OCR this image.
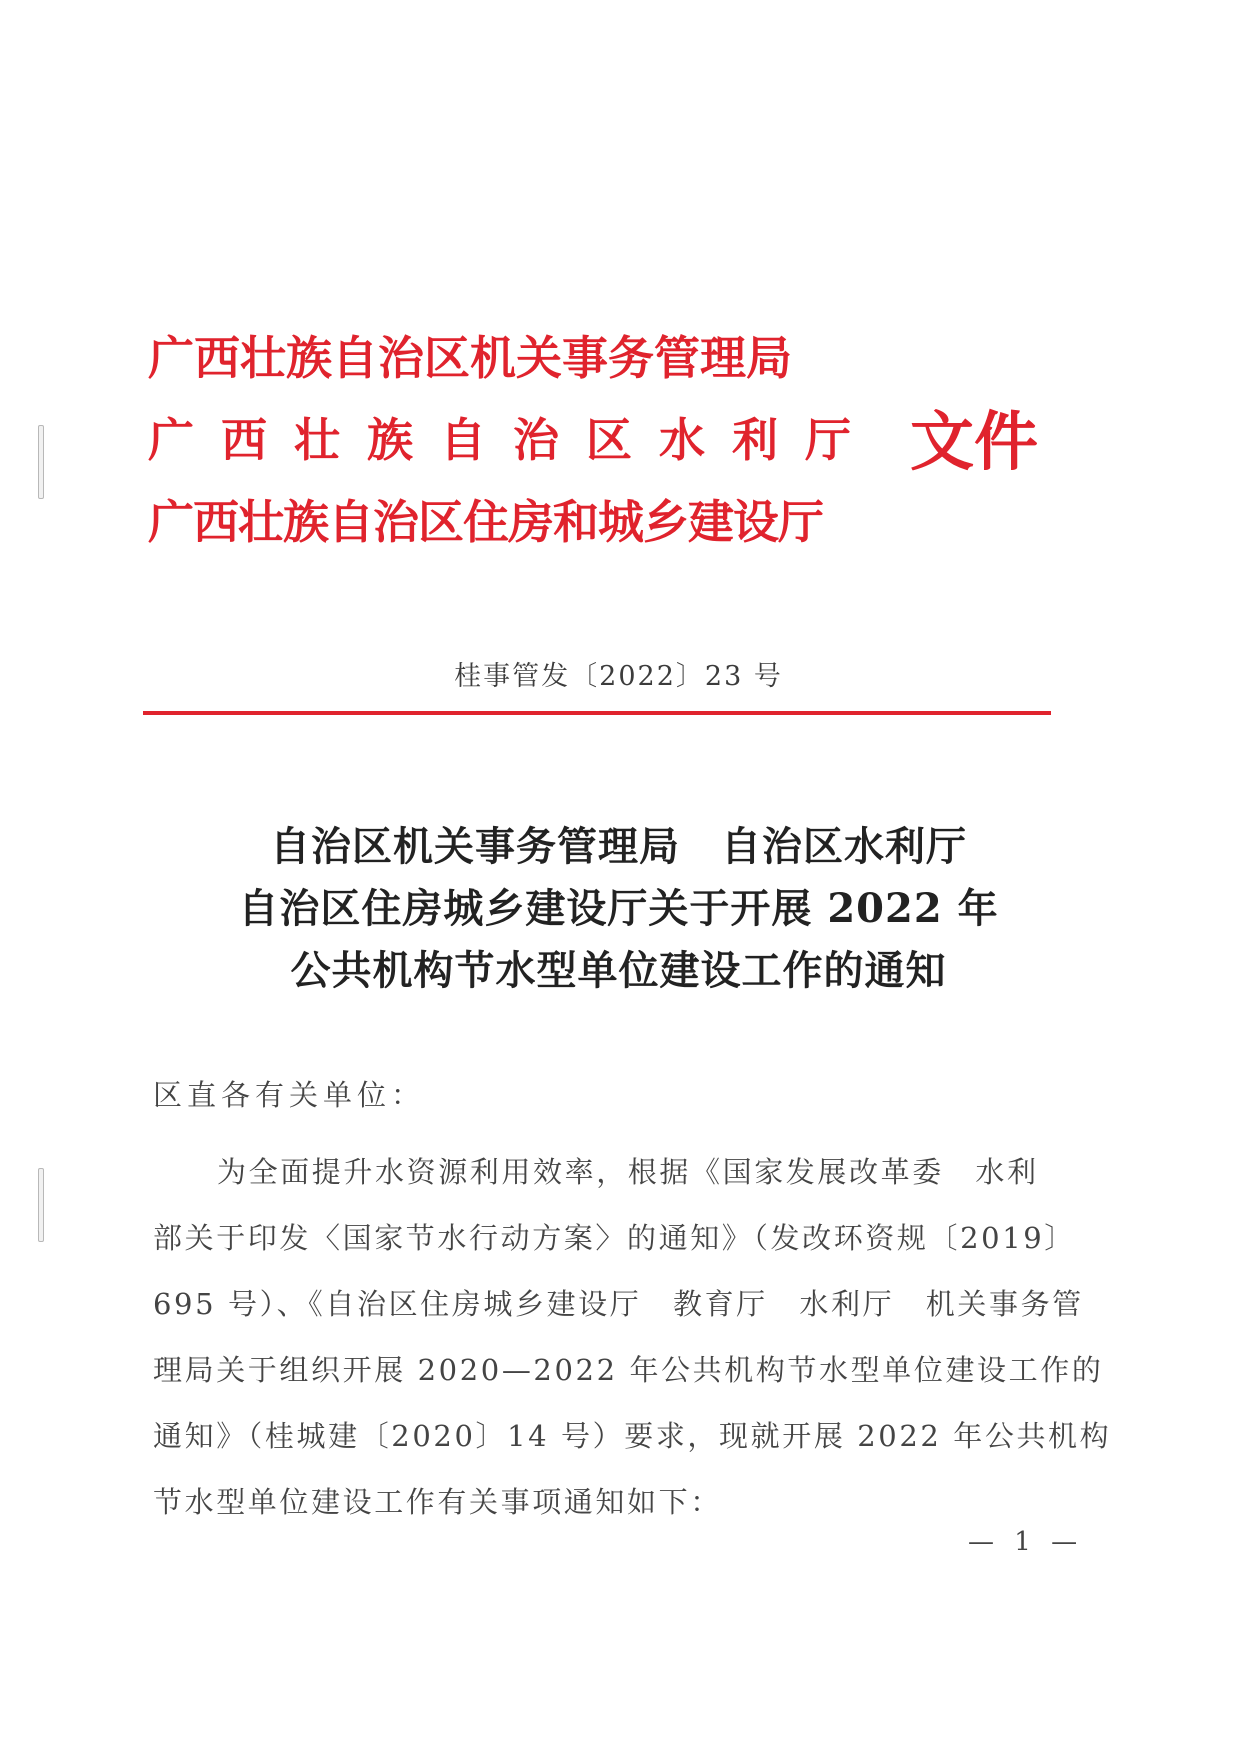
广西壮族自治区机关事务管理局
广西壮族自治区水利厅
广西壮族自治区住房和城乡建设厅
文件
桂事管发〔2022〕23 号
自治区机关事务管理局　自治区水利厅
自治区住房城乡建设厅关于开展 2022 年
公共机构节水型单位建设工作的通知
区直各有关单位：
为全面提升水资源利用效率，根据《国家发展改革委　水利
部关于印发〈国家节水行动方案〉的通知》（发改环资规〔2019〕
695 号）、《自治区住房城乡建设厅　教育厅　水利厅　机关事务管
理局关于组织开展 2020—2022 年公共机构节水型单位建设工作的
通知》（桂城建〔2020〕14 号）要求，现就开展 2022 年公共机构
节水型单位建设工作有关事项通知如下：
— 1 —
